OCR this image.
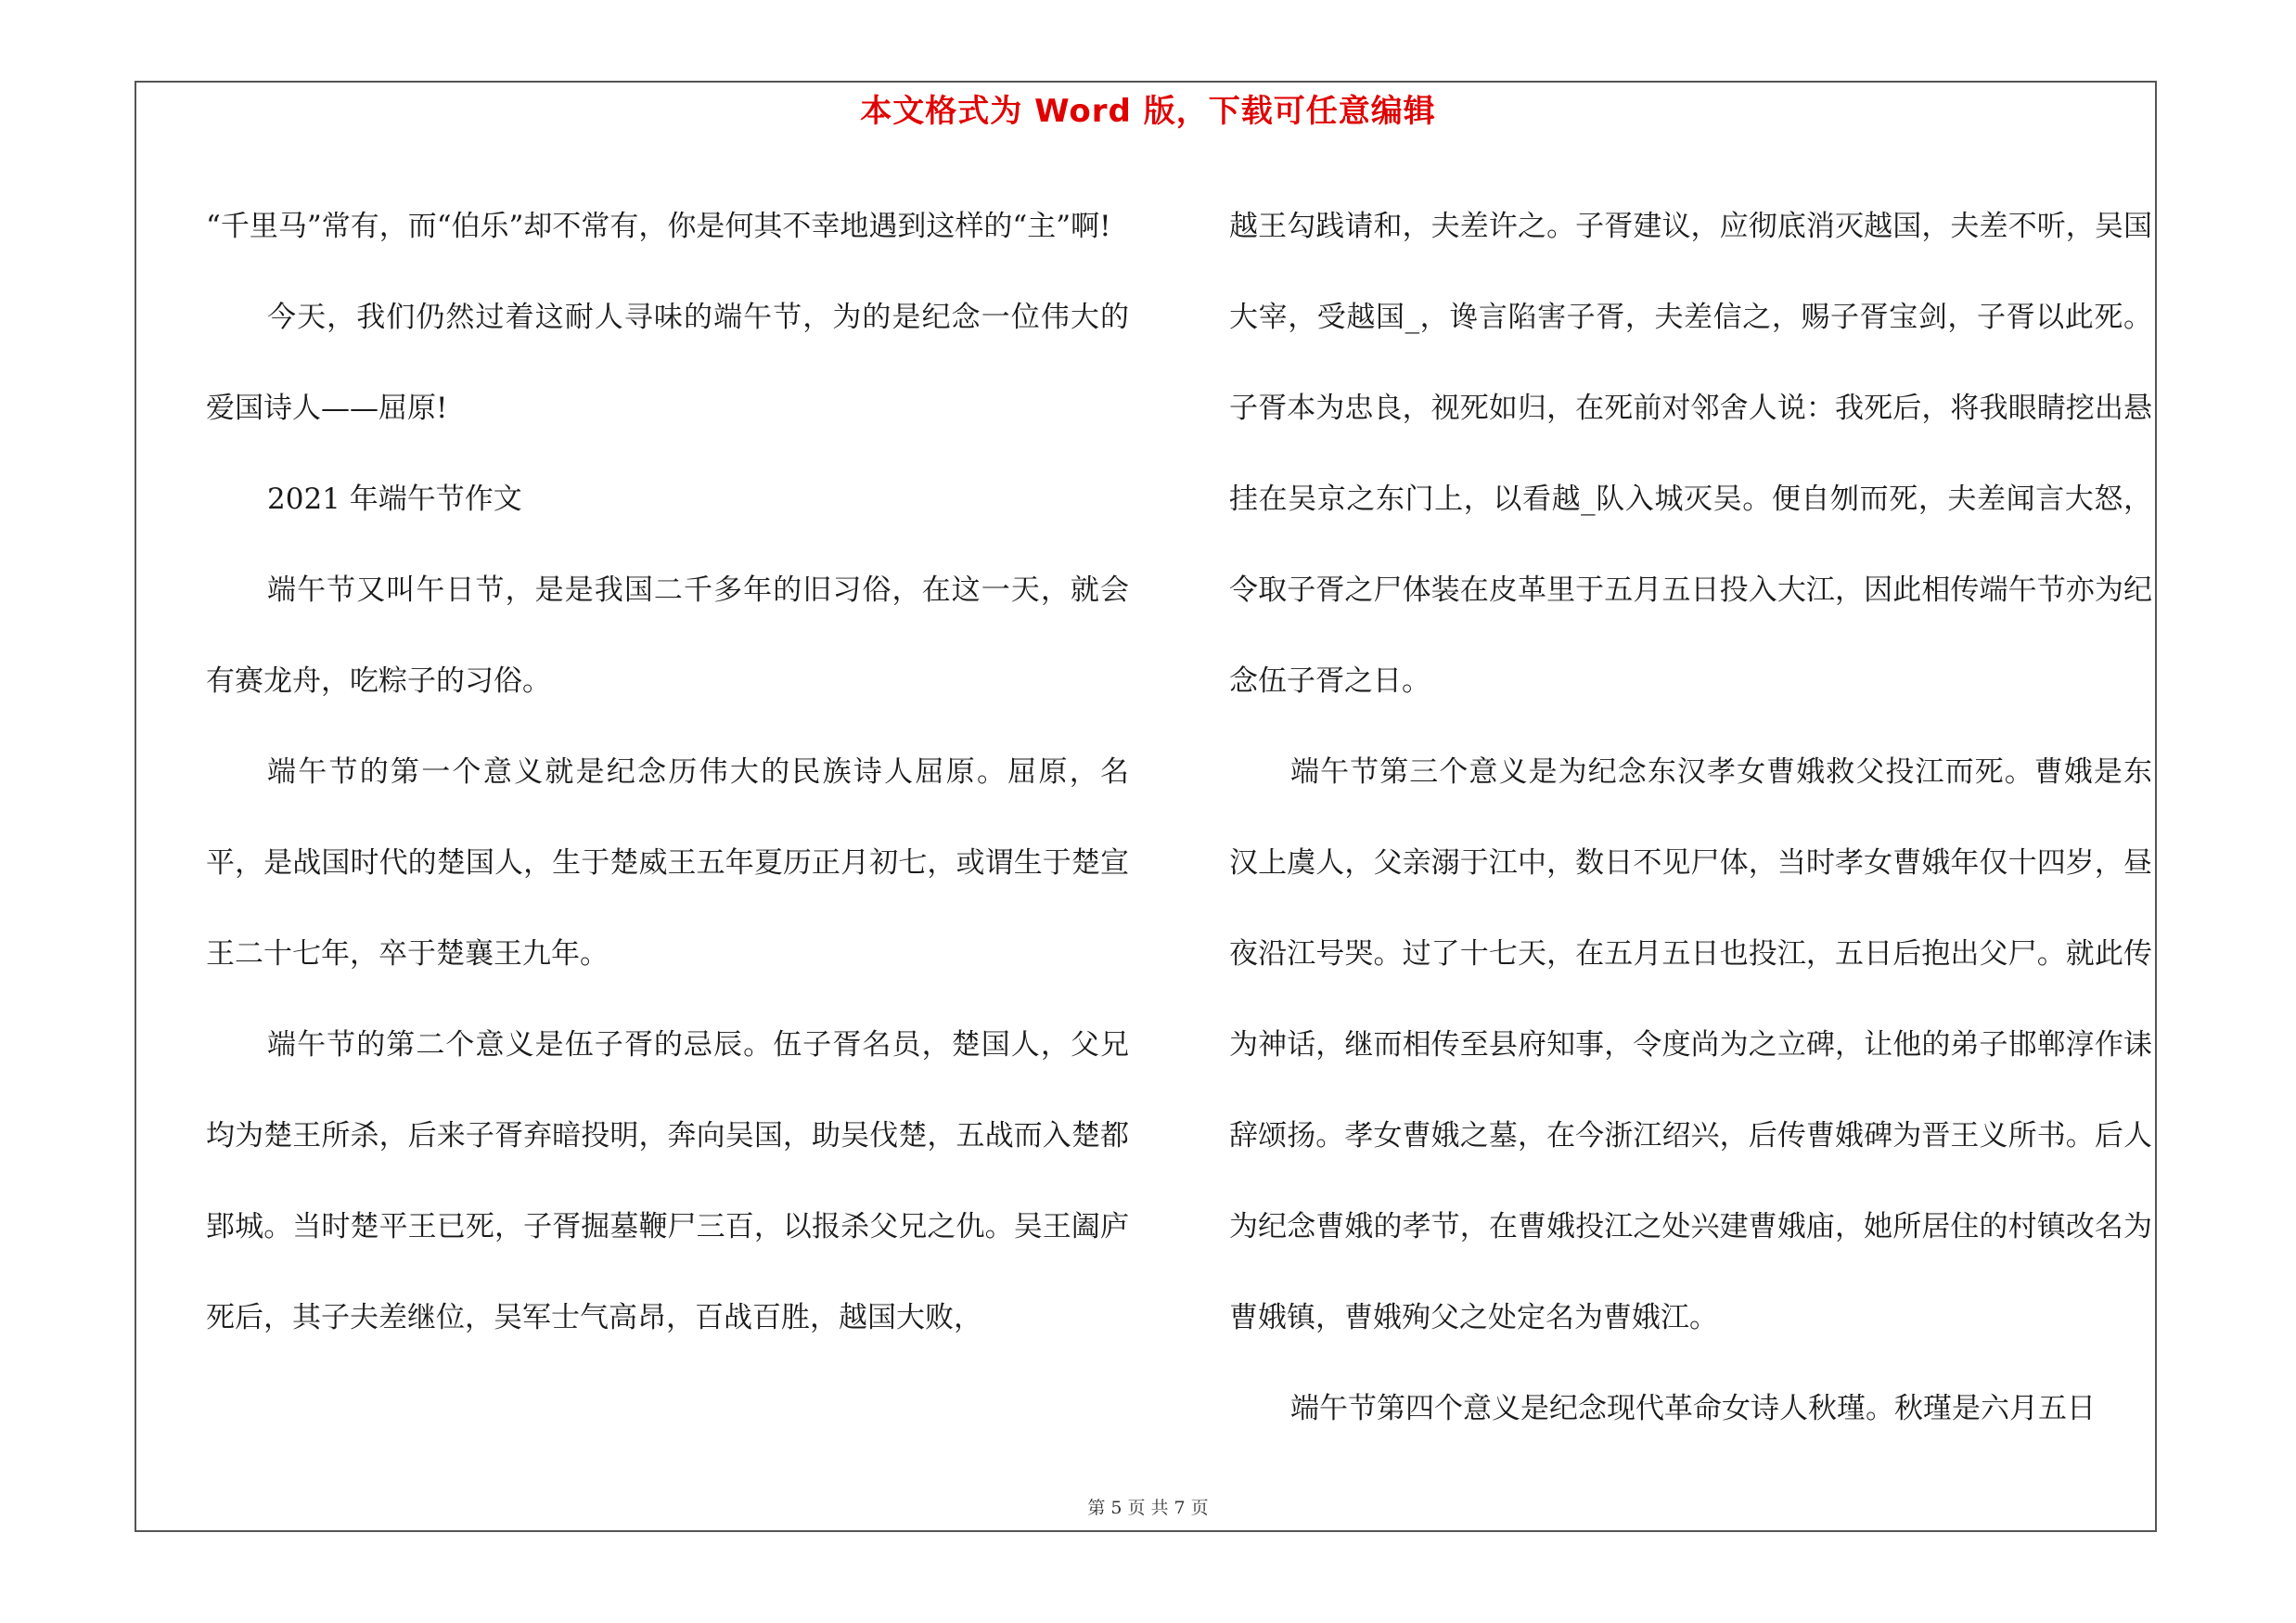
本文格式为 Word 版，下载可任意编辑

“千里马”常有，而“伯乐”却不常有，你是何其不幸地遇到这样的“主”啊!

今天，我们仍然过着这耐人寻味的端午节，为的是纪念一位伟大的爱国诗人——屈原!

2021 年端午节作文

端午节又叫午日节，是是我国二千多年的旧习俗，在这一天，就会有赛龙舟，吃粽子的习俗。

端午节的第一个意义就是纪念历伟大的民族诗人屈原。屈原，名平，是战国时代的楚国人，生于楚威王五年夏历正月初七，或谓生于楚宣王二十七年，卒于楚襄王九年。

端午节的第二个意义是伍子胥的忌辰。伍子胥名员，楚国人，父兄均为楚王所杀，后来子胥弃暗投明，奔向吴国，助吴伐楚，五战而入楚都郢城。当时楚平王已死，子胥掘墓鞭尸三百，以报杀父兄之仇。吴王阖庐死后，其子夫差继位，吴军士气高昂，百战百胜，越国大败，

越王勾践请和，夫差许之。子胥建议，应彻底消灭越国，夫差不听，吴国大宰，受越国_，谗言陷害子胥，夫差信之，赐子胥宝剑，子胥以此死。子胥本为忠良，视死如归，在死前对邻舍人说：我死后，将我眼睛挖出悬挂在吴京之东门上，以看越_队入城灭吴。便自刎而死，夫差闻言大怒，令取子胥之尸体装在皮革里于五月五日投入大江，因此相传端午节亦为纪念伍子胥之日。

端午节第三个意义是为纪念东汉孝女曹娥救父投江而死。曹娥是东汉上虞人，父亲溺于江中，数日不见尸体，当时孝女曹娥年仅十四岁，昼夜沿江号哭。过了十七天，在五月五日也投江，五日后抱出父尸。就此传为神话，继而相传至县府知事，令度尚为之立碑，让他的弟子邯郸淳作诔辞颂扬。孝女曹娥之墓，在今浙江绍兴，后传曹娥碑为晋王义所书。后人为纪念曹娥的孝节，在曹娥投江之处兴建曹娥庙，她所居住的村镇改名为曹娥镇，曹娥殉父之处定名为曹娥江。

端午节第四个意义是纪念现代革命女诗人秋瑾。秋瑾是六月五日

第 5 页 共 7 页
